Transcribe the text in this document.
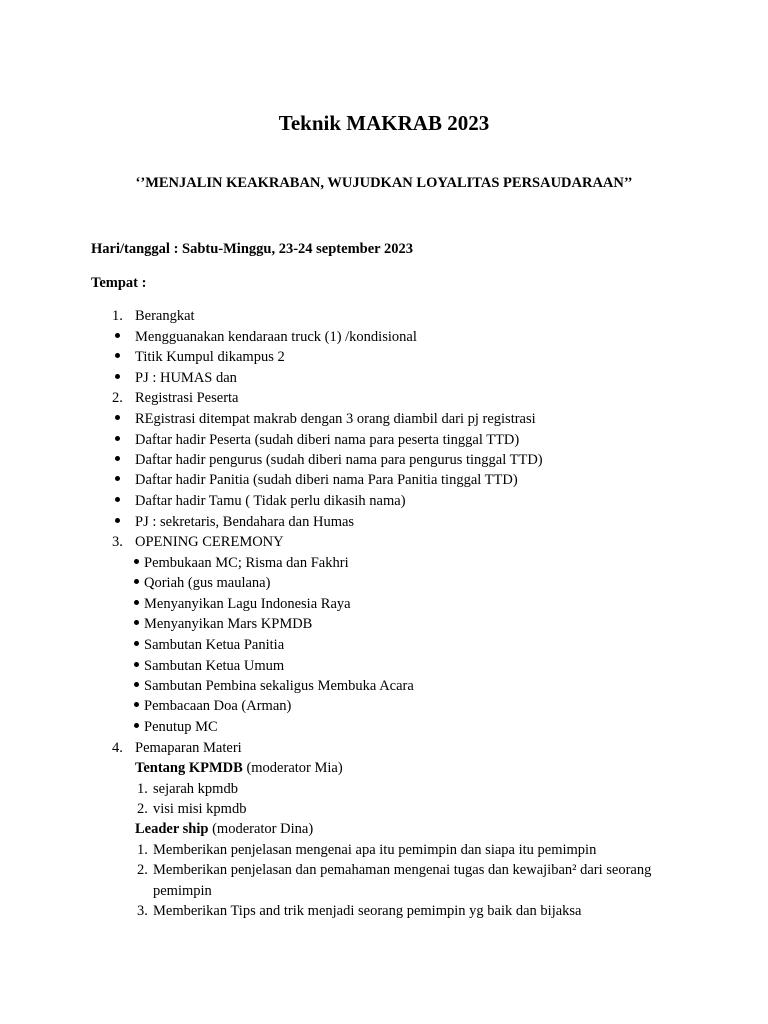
Teknik MAKRAB 2023
‘’MENJALIN KEAKRABAN, WUJUDKAN LOYALITAS PERSAUDARAAN’’
Hari/tanggal : Sabtu-Minggu, 23-24 september 2023
Tempat :
1. Berangkat
Mengguanakan kendaraan truck (1) /kondisional
Titik Kumpul dikampus 2
PJ : HUMAS dan
2. Registrasi Peserta
REgistrasi ditempat makrab dengan 3 orang diambil dari pj registrasi
Daftar hadir Peserta (sudah diberi nama para peserta tinggal TTD)
Daftar hadir pengurus (sudah diberi nama para pengurus tinggal TTD)
Daftar hadir Panitia (sudah diberi nama Para Panitia tinggal TTD)
Daftar hadir Tamu ( Tidak perlu dikasih nama)
PJ : sekretaris, Bendahara dan Humas
3. OPENING CEREMONY
Pembukaan MC; Risma dan Fakhri
Qoriah (gus maulana)
Menyanyikan Lagu Indonesia Raya
Menyanyikan Mars KPMDB
Sambutan Ketua Panitia
Sambutan Ketua Umum
Sambutan Pembina sekaligus Membuka Acara
Pembacaan Doa (Arman)
Penutup MC
4. Pemaparan Materi
Tentang KPMDB (moderator Mia)
1. sejarah kpmdb
2. visi misi kpmdb
Leader ship (moderator Dina)
1. Memberikan penjelasan mengenai apa itu pemimpin dan siapa itu pemimpin
2. Memberikan penjelasan dan pemahaman mengenai tugas dan kewajiban² dari seorang
pemimpin
3. Memberikan Tips and trik menjadi seorang pemimpin yg baik dan bijaksa
